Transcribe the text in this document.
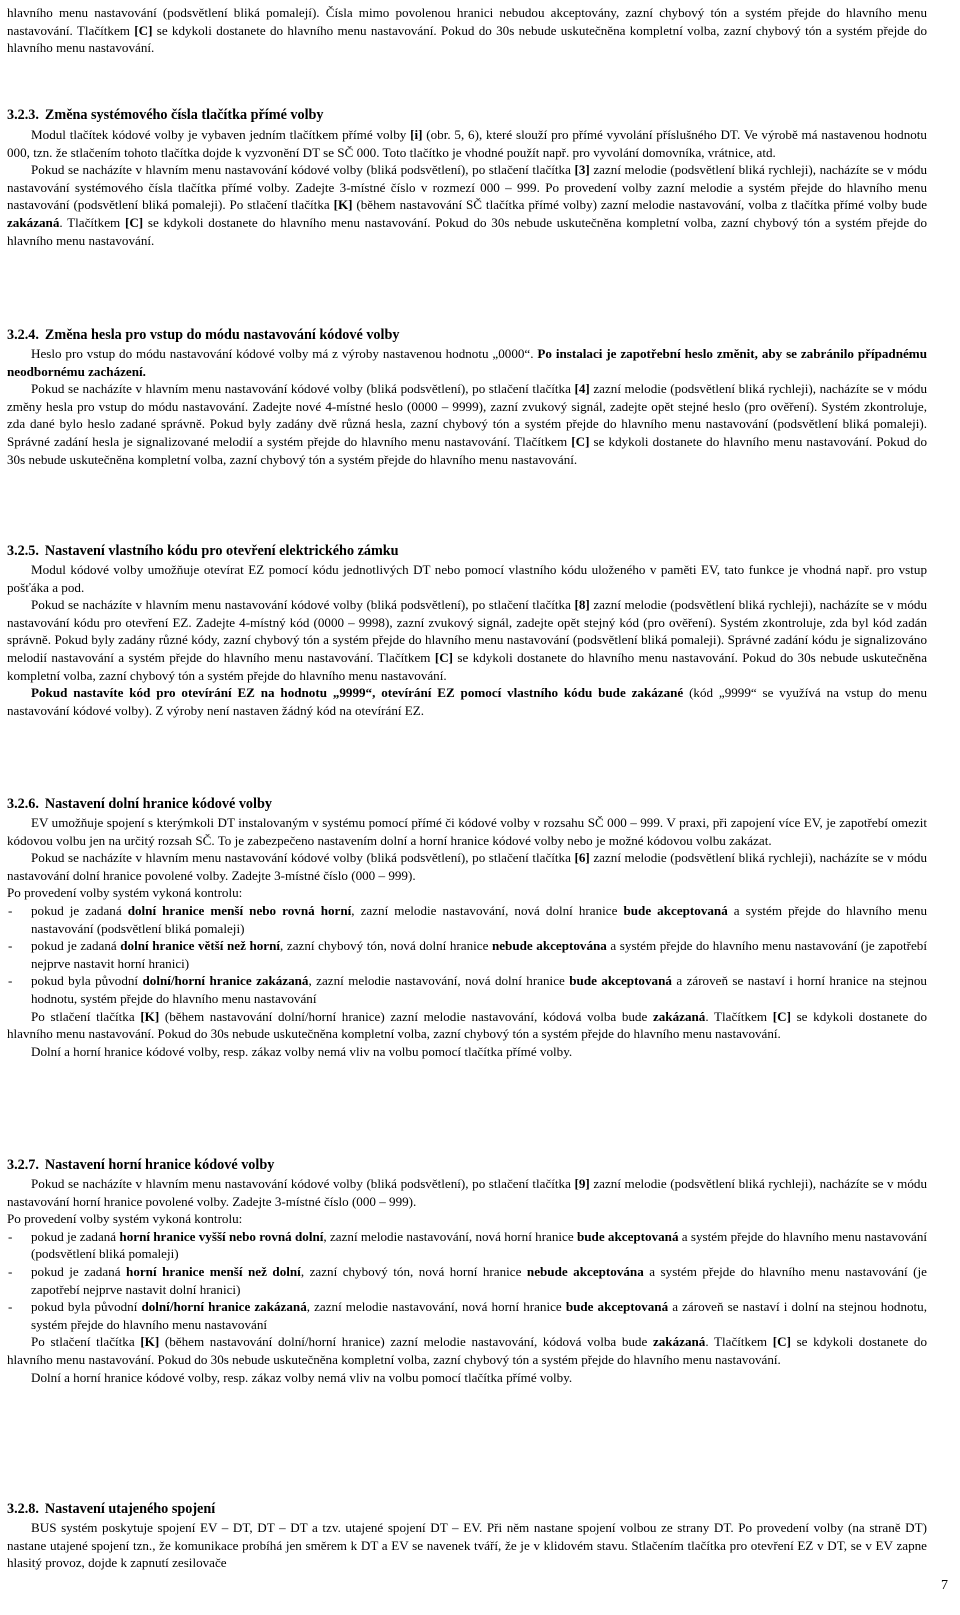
hlavního menu nastavování (podsvětlení bliká pomalejí). Čísla mimo povolenou hranici nebudou akceptovány, zazní chybový tón a systém přejde do hlavního menu nastavování. Tlačítkem [C] se kdykoli dostanete do hlavního menu nastavování. Pokud do 30s nebude uskutečněna kompletní volba, zazní chybový tón a systém přejde do hlavního menu nastavování.

3.2.3. Změna systémového čísla tlačítka přímé volby

Modul tlačítek kódové volby je vybaven jedním tlačítkem přímé volby [i] (obr. 5, 6), které slouží pro přímé vyvolání příslušného DT. Ve výrobě má nastavenou hodnotu 000, tzn. že stlačením tohoto tlačítka dojde k vyzvonění DT se SČ 000. Toto tlačítko je vhodné použít např. pro vyvolání domovníka, vrátnice, atd.

Pokud se nacházíte v hlavním menu nastavování kódové volby (bliká podsvětlení), po stlačení tlačítka [3] zazní melodie (podsvětlení bliká rychleji), nacházíte se v módu nastavování systémového čísla tlačítka přímé volby. Zadejte 3-místné číslo v rozmezí 000 – 999. Po provedení volby zazní melodie a systém přejde do hlavního menu nastavování (podsvětlení bliká pomaleji). Po stlačení tlačítka [K] (během nastavování SČ tlačítka přímé volby) zazní melodie nastavování, volba z tlačítka přímé volby bude zakázaná. Tlačítkem [C] se kdykoli dostanete do hlavního menu nastavování. Pokud do 30s nebude uskutečněna kompletní volba, zazní chybový tón a systém přejde do hlavního menu nastavování.

3.2.4. Změna hesla pro vstup do módu nastavování kódové volby

Heslo pro vstup do módu nastavování kódové volby má z výroby nastavenou hodnotu „0000“. Po instalaci je zapotřební heslo změnit, aby se zabránilo případnému neodbornému zacházení.

Pokud se nacházíte v hlavním menu nastavování kódové volby (bliká podsvětlení), po stlačení tlačítka [4] zazní melodie (podsvětlení bliká rychleji), nacházíte se v módu změny hesla pro vstup do módu nastavování. Zadejte nové 4-místné heslo (0000 – 9999), zazní zvukový signál, zadejte opět stejné heslo (pro ověření). Systém zkontroluje, zda dané bylo heslo zadané správně. Pokud byly zadány dvě různá hesla, zazní chybový tón a systém přejde do hlavního menu nastavování (podsvětlení bliká pomaleji). Správné zadání hesla je signalizované melodií a systém přejde do hlavního menu nastavování. Tlačítkem [C] se kdykoli dostanete do hlavního menu nastavování. Pokud do 30s nebude uskutečněna kompletní volba, zazní chybový tón a systém přejde do hlavního menu nastavování.

3.2.5. Nastavení vlastního kódu pro otevření elektrického zámku

Modul kódové volby umožňuje otevírat EZ pomocí kódu jednotlivých DT nebo pomocí vlastního kódu uloženého v paměti EV, tato funkce je vhodná např. pro vstup pošťáka a pod.

Pokud se nacházíte v hlavním menu nastavování kódové volby (bliká podsvětlení), po stlačení tlačítka [8] zazní melodie (podsvětlení bliká rychleji), nacházíte se v módu nastavování kódu pro otevření EZ. Zadejte 4-místný kód (0000 – 9998), zazní zvukový signál, zadejte opět stejný kód (pro ověření). Systém zkontroluje, zda byl kód zadán správně. Pokud byly zadány různé kódy, zazní chybový tón a systém přejde do hlavního menu nastavování (podsvětlení bliká pomaleji). Správné zadání kódu je signalizováno melodií nastavování a systém přejde do hlavního menu nastavování. Tlačítkem [C] se kdykoli dostanete do hlavního menu nastavování. Pokud do 30s nebude uskutečněna kompletní volba, zazní chybový tón a systém přejde do hlavního menu nastavování.

Pokud nastavíte kód pro otevírání EZ na hodnotu „9999“, otevírání EZ pomocí vlastního kódu bude zakázané (kód „9999“ se využívá na vstup do menu nastavování kódové volby). Z výroby není nastaven žádný kód na otevírání EZ.

3.2.6. Nastavení dolní hranice kódové volby

EV umožňuje spojení s kterýmkoli DT instalovaným v systému pomocí přímé či kódové volby v rozsahu SČ 000 – 999. V praxi, při zapojení více EV, je zapotřebí omezit kódovou volbu jen na určitý rozsah SČ. To je zabezpečeno nastavením dolní a horní hranice kódové volby nebo je možné kódovou volbu zakázat.

Pokud se nacházíte v hlavním menu nastavování kódové volby (bliká podsvětlení), po stlačení tlačítka [6] zazní melodie (podsvětlení bliká rychleji), nacházíte se v módu nastavování dolní hranice povolené volby. Zadejte 3-místné číslo (000 – 999).

Po provedení volby systém vykoná kontrolu:

- pokud je zadaná dolní hranice menší nebo rovná horní, zazní melodie nastavování, nová dolní hranice bude akceptovaná a systém přejde do hlavního menu nastavování (podsvětlení bliká pomaleji)
- pokud je zadaná dolní hranice větší než horní, zazní chybový tón, nová dolní hranice nebude akceptována a systém přejde do hlavního menu nastavování (je zapotřebí nejprve nastavit horní hranici)
- pokud byla původní dolní/horní hranice zakázaná, zazní melodie nastavování, nová dolní hranice bude akceptovaná a zároveň se nastaví i horní hranice na stejnou hodnotu, systém přejde do hlavního menu nastavování

Po stlačení tlačítka [K] (během nastavování dolní/horní hranice) zazní melodie nastavování, kódová volba bude zakázaná. Tlačítkem [C] se kdykoli dostanete do hlavního menu nastavování. Pokud do 30s nebude uskutečněna kompletní volba, zazní chybový tón a systém přejde do hlavního menu nastavování.

Dolní a horní hranice kódové volby, resp. zákaz volby nemá vliv na volbu pomocí tlačítka přímé volby.

3.2.7. Nastavení horní hranice kódové volby

Pokud se nacházíte v hlavním menu nastavování kódové volby (bliká podsvětlení), po stlačení tlačítka [9] zazní melodie (podsvětlení bliká rychleji), nacházíte se v módu nastavování horní hranice povolené volby. Zadejte 3-místné číslo (000 – 999).

Po provedení volby systém vykoná kontrolu:

- pokud je zadaná horní hranice vyšší nebo rovná dolní, zazní melodie nastavování, nová horní hranice bude akceptovaná a systém přejde do hlavního menu nastavování (podsvětlení bliká pomaleji)
- pokud je zadaná horní hranice menší než dolní, zazní chybový tón, nová horní hranice nebude akceptována a systém přejde do hlavního menu nastavování (je zapotřebí nejprve nastavit dolní hranici)
- pokud byla původní dolní/horní hranice zakázaná, zazní melodie nastavování, nová horní hranice bude akceptovaná a zároveň se nastaví i dolní na stejnou hodnotu, systém přejde do hlavního menu nastavování

Po stlačení tlačítka [K] (během nastavování dolní/horní hranice) zazní melodie nastavování, kódová volba bude zakázaná. Tlačítkem [C] se kdykoli dostanete do hlavního menu nastavování. Pokud do 30s nebude uskutečněna kompletní volba, zazní chybový tón a systém přejde do hlavního menu nastavování.

Dolní a horní hranice kódové volby, resp. zákaz volby nemá vliv na volbu pomocí tlačítka přímé volby.

3.2.8. Nastavení utajeného spojení

BUS systém poskytuje spojení EV – DT, DT – DT a tzv. utajené spojení DT – EV. Při něm nastane spojení volbou ze strany DT. Po provedení volby (na straně DT) nastane utajené spojení tzn., že komunikace probíhá jen směrem k DT a EV se navenek tváří, že je v klidovém stavu. Stlačením tlačítka pro otevření EZ v DT, se v EV zapne hlasitý provoz, dojde k zapnutí zesilovače

7
